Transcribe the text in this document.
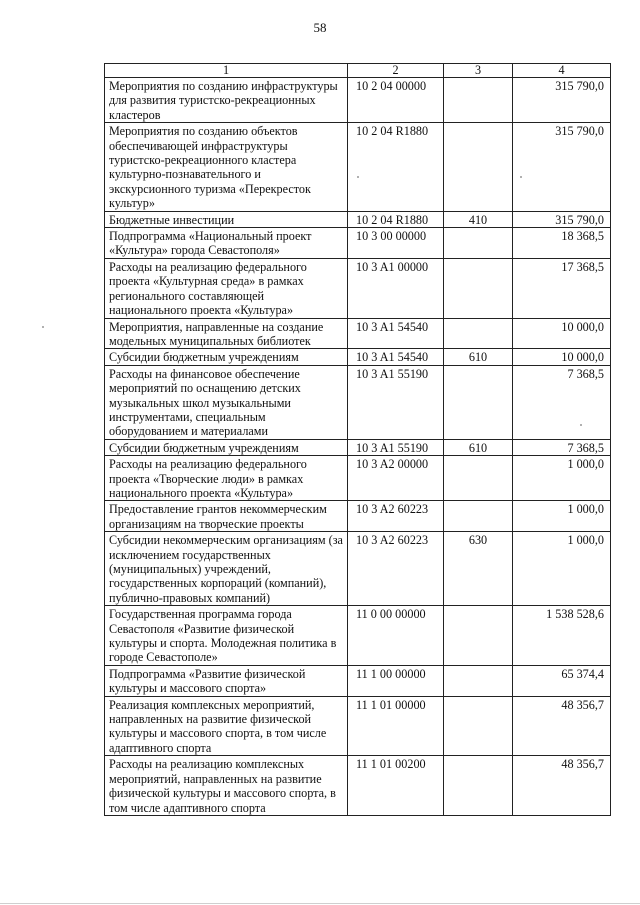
58
1	2	3	4
Мероприятия по созданию инфраструктуры для развития туристско-рекреационных кластеров	10 2 04 00000		315 790,0
Мероприятия по созданию объектов обеспечивающей инфраструктуры туристско-рекреационного кластера культурно-познавательного и экскурсионного туризма «Перекресток культур»	10 2 04 R1880		315 790,0
Бюджетные инвестиции	10 2 04 R1880	410	315 790,0
Подпрограмма «Национальный проект «Культура» города Севастополя»	10 3 00 00000		18 368,5
Расходы на реализацию федерального проекта «Культурная среда» в рамках регионального составляющей национального проекта «Культура»	10 3 A1 00000		17 368,5
Мероприятия, направленные на создание модельных муниципальных библиотек	10 3 A1 54540		10 000,0
Субсидии бюджетным учреждениям	10 3 A1 54540	610	10 000,0
Расходы на финансовое обеспечение мероприятий по оснащению детских музыкальных школ музыкальными инструментами, специальным оборудованием и материалами	10 3 A1 55190		7 368,5
Субсидии бюджетным учреждениям	10 3 A1 55190	610	7 368,5
Расходы на реализацию федерального проекта «Творческие люди» в рамках национального проекта «Культура»	10 3 A2 00000		1 000,0
Предоставление грантов некоммерческим организациям на творческие проекты	10 3 A2 60223		1 000,0
Субсидии некоммерческим организациям (за исключением государственных (муниципальных) учреждений, государственных корпораций (компаний), публично-правовых компаний)	10 3 A2 60223	630	1 000,0
Государственная программа города Севастополя «Развитие физической культуры и спорта. Молодежная политика в городе Севастополе»	11 0 00 00000		1 538 528,6
Подпрограмма «Развитие физической культуры и массового спорта»	11 1 00 00000		65 374,4
Реализация комплексных мероприятий, направленных на развитие физической культуры и массового спорта, в том числе адаптивного спорта	11 1 01 00000		48 356,7
Расходы на реализацию комплексных мероприятий, направленных на развитие физической культуры и массового спорта, в том числе адаптивного спорта	11 1 01 00200		48 356,7
